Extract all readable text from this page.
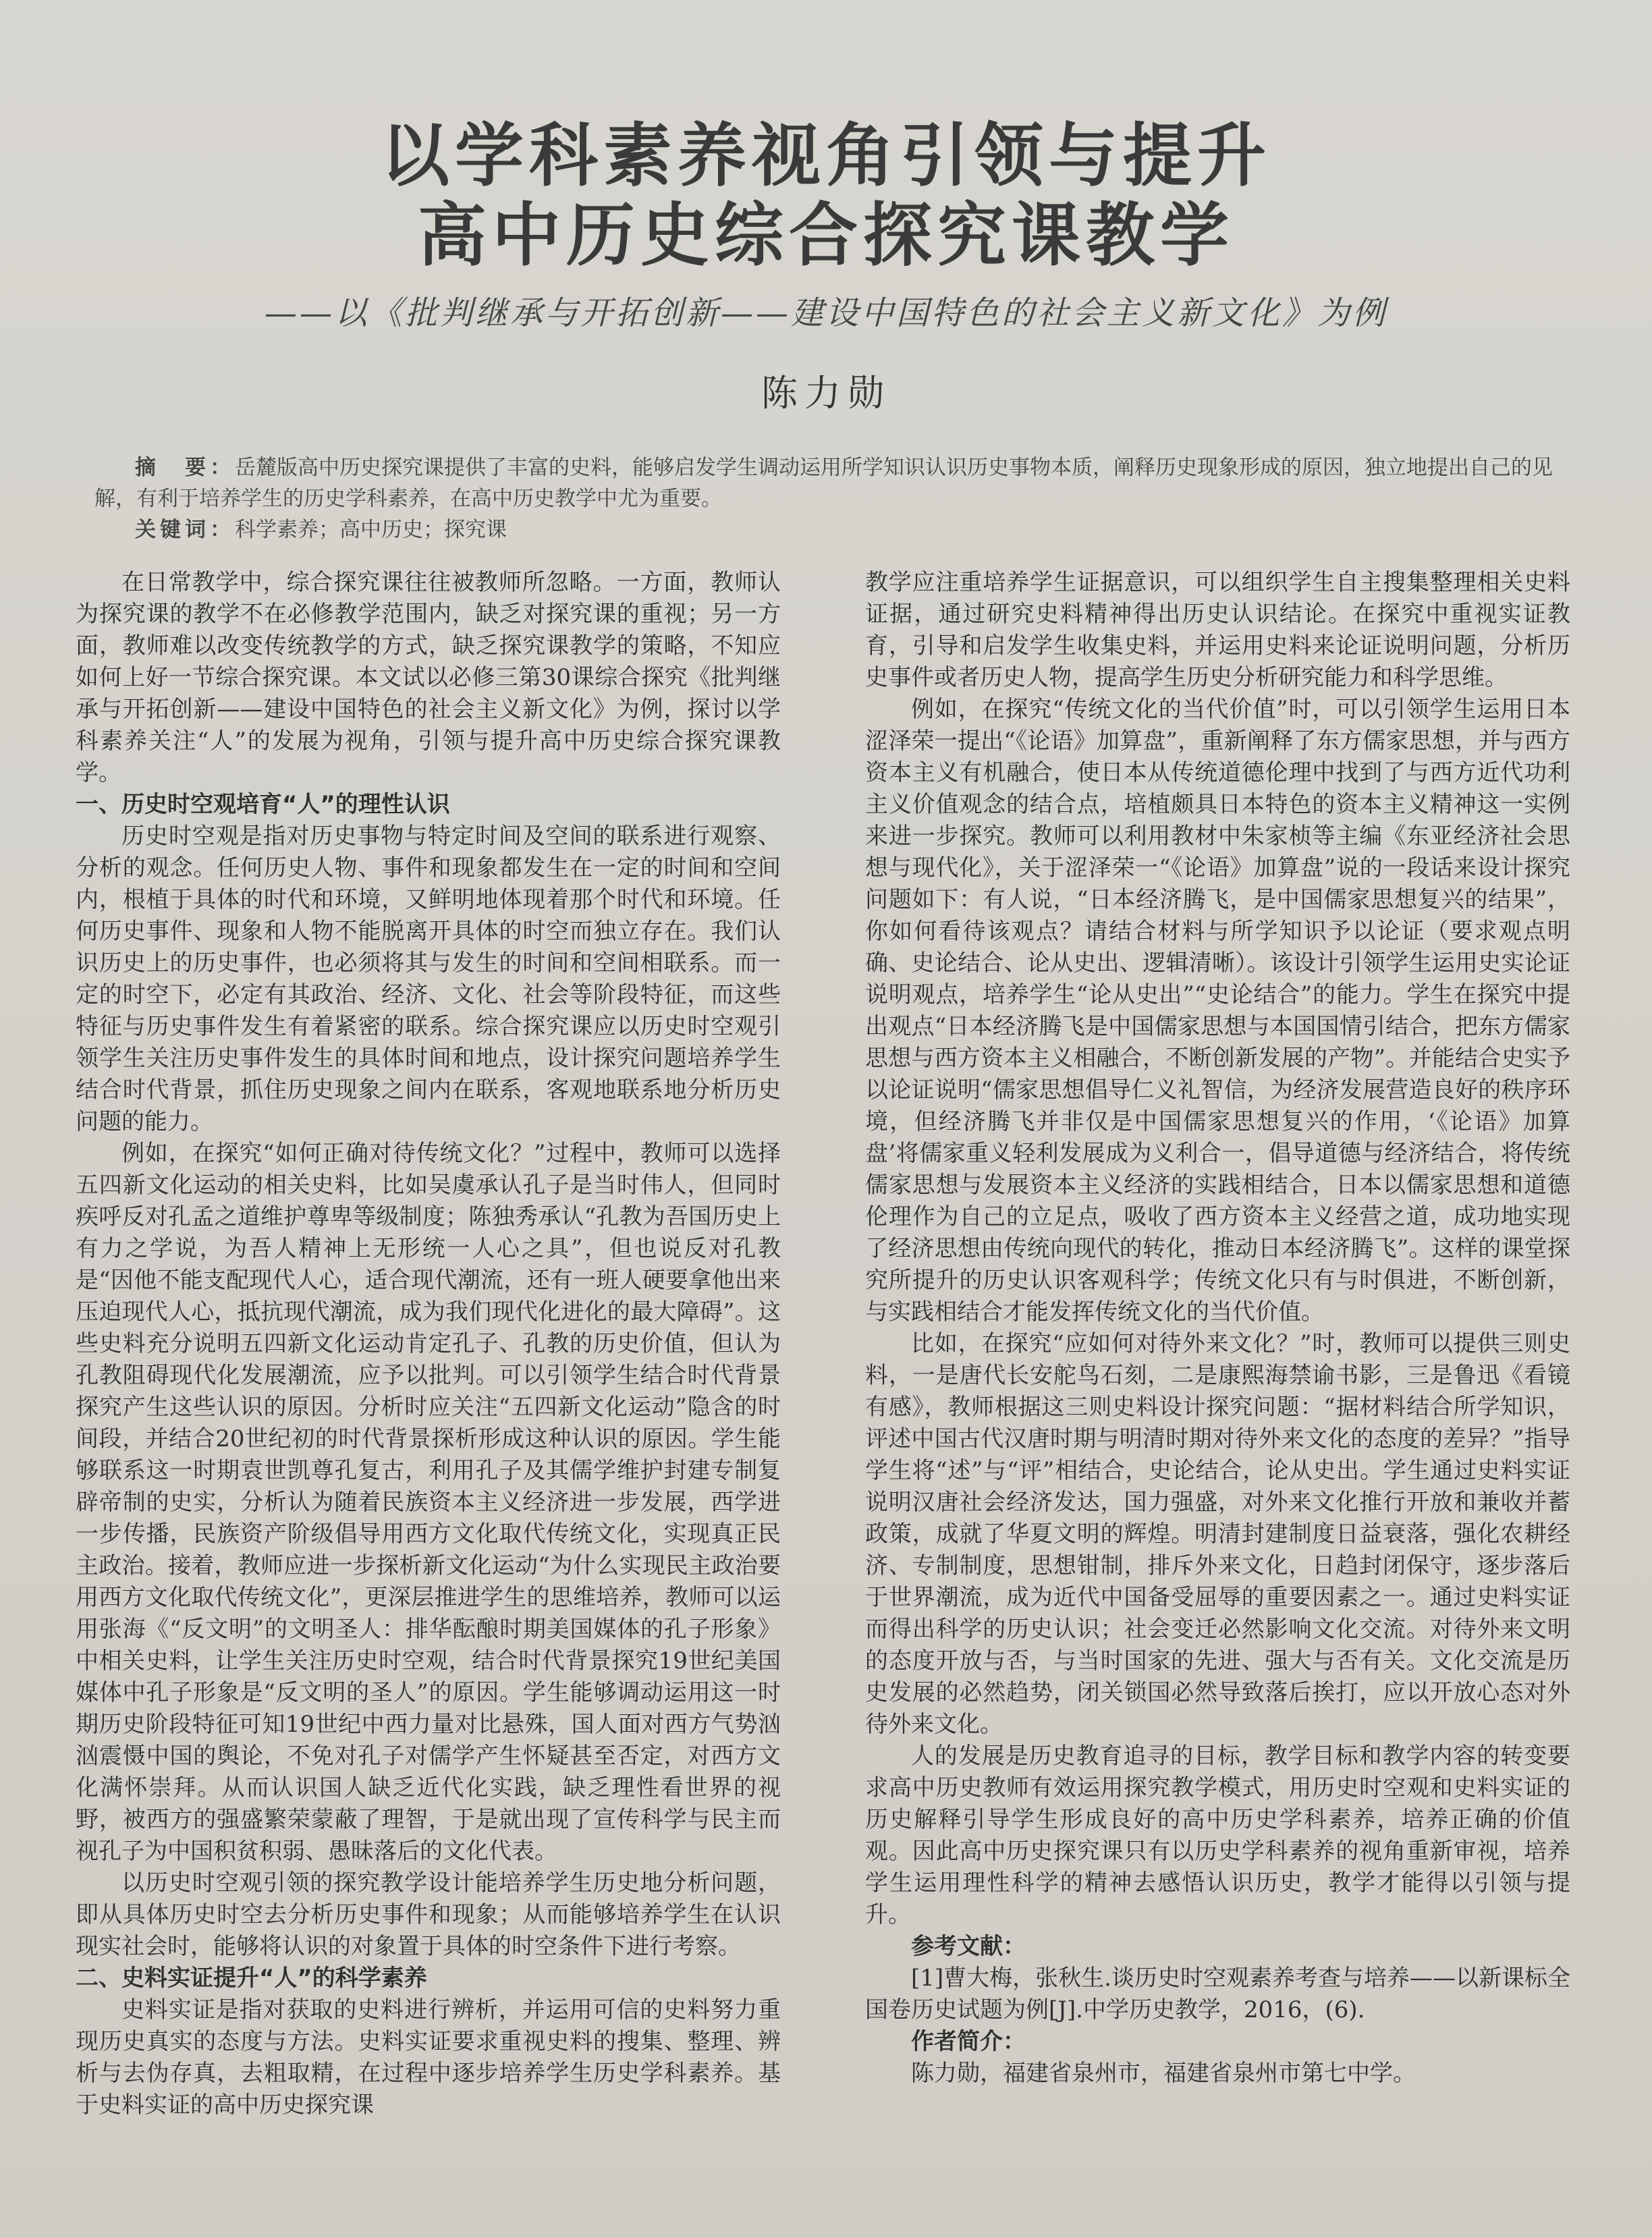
以学科素养视角引领与提升
高中历史综合探究课教学
——以《批判继承与开拓创新——建设中国特色的社会主义新文化》为例
陈力勋

摘　要：岳麓版高中历史探究课提供了丰富的史料，能够启发学生调动运用所学知识认识历史事物本质，阐释历史现象形成的原因，独立地提出自己的见解，有利于培养学生的历史学科素养，在高中历史教学中尤为重要。

关键词：科学素养；高中历史；探究课

在日常教学中，综合探究课往往被教师所忽略。一方面，教师认为探究课的教学不在必修教学范围内，缺乏对探究课的重视；另一方面，教师难以改变传统教学的方式，缺乏探究课教学的策略，不知应如何上好一节综合探究课。本文试以必修三第30课综合探究《批判继承与开拓创新——建设中国特色的社会主义新文化》为例，探讨以学科素养关注“人”的发展为视角，引领与提升高中历史综合探究课教学。

一、历史时空观培育“人”的理性认识

历史时空观是指对历史事物与特定时间及空间的联系进行观察、分析的观念。任何历史人物、事件和现象都发生在一定的时间和空间内，根植于具体的时代和环境，又鲜明地体现着那个时代和环境。任何历史事件、现象和人物不能脱离开具体的时空而独立存在。我们认识历史上的历史事件，也必须将其与发生的时间和空间相联系。而一定的时空下，必定有其政治、经济、文化、社会等阶段特征，而这些特征与历史事件发生有着紧密的联系。综合探究课应以历史时空观引领学生关注历史事件发生的具体时间和地点，设计探究问题培养学生结合时代背景，抓住历史现象之间内在联系，客观地联系地分析历史问题的能力。

例如，在探究“如何正确对待传统文化？”过程中，教师可以选择五四新文化运动的相关史料，比如吴虞承认孔子是当时伟人，但同时疾呼反对孔孟之道维护尊卑等级制度；陈独秀承认“孔教为吾国历史上有力之学说，为吾人精神上无形统一人心之具”，但也说反对孔教是“因他不能支配现代人心，适合现代潮流，还有一班人硬要拿他出来压迫现代人心，抵抗现代潮流，成为我们现代化进化的最大障碍”。这些史料充分说明五四新文化运动肯定孔子、孔教的历史价值，但认为孔教阻碍现代化发展潮流，应予以批判。可以引领学生结合时代背景探究产生这些认识的原因。分析时应关注“五四新文化运动”隐含的时间段，并结合20世纪初的时代背景探析形成这种认识的原因。学生能够联系这一时期袁世凯尊孔复古，利用孔子及其儒学维护封建专制复辟帝制的史实，分析认为随着民族资本主义经济进一步发展，西学进一步传播，民族资产阶级倡导用西方文化取代传统文化，实现真正民主政治。接着，教师应进一步探析新文化运动“为什么实现民主政治要用西方文化取代传统文化”，更深层推进学生的思维培养，教师可以运用张海《“反文明”的文明圣人：排华酝酿时期美国媒体的孔子形象》中相关史料，让学生关注历史时空观，结合时代背景探究19世纪美国媒体中孔子形象是“反文明的圣人”的原因。学生能够调动运用这一时期历史阶段特征可知19世纪中西力量对比悬殊，国人面对西方气势汹汹震慑中国的舆论，不免对孔子对儒学产生怀疑甚至否定，对西方文化满怀崇拜。从而认识国人缺乏近代化实践，缺乏理性看世界的视野，被西方的强盛繁荣蒙蔽了理智，于是就出现了宣传科学与民主而视孔子为中国积贫积弱、愚昧落后的文化代表。

以历史时空观引领的探究教学设计能培养学生历史地分析问题，即从具体历史时空去分析历史事件和现象；从而能够培养学生在认识现实社会时，能够将认识的对象置于具体的时空条件下进行考察。

二、史料实证提升“人”的科学素养

史料实证是指对获取的史料进行辨析，并运用可信的史料努力重现历史真实的态度与方法。史料实证要求重视史料的搜集、整理、辨析与去伪存真，去粗取精，在过程中逐步培养学生历史学科素养。基于史料实证的高中历史探究课

教学应注重培养学生证据意识，可以组织学生自主搜集整理相关史料证据，通过研究史料精神得出历史认识结论。在探究中重视实证教育，引导和启发学生收集史料，并运用史料来论证说明问题，分析历史事件或者历史人物，提高学生历史分析研究能力和科学思维。

例如，在探究“传统文化的当代价值”时，可以引领学生运用日本涩泽荣一提出“《论语》加算盘”，重新阐释了东方儒家思想，并与西方资本主义有机融合，使日本从传统道德伦理中找到了与西方近代功利主义价值观念的结合点，培植颇具日本特色的资本主义精神这一实例来进一步探究。教师可以利用教材中朱家桢等主编《东亚经济社会思想与现代化》，关于涩泽荣一“《论语》加算盘”说的一段话来设计探究问题如下：有人说，“日本经济腾飞，是中国儒家思想复兴的结果”，你如何看待该观点？请结合材料与所学知识予以论证（要求观点明确、史论结合、论从史出、逻辑清晰）。该设计引领学生运用史实论证说明观点，培养学生“论从史出”“史论结合”的能力。学生在探究中提出观点“日本经济腾飞是中国儒家思想与本国国情引结合，把东方儒家思想与西方资本主义相融合，不断创新发展的产物”。并能结合史实予以论证说明“儒家思想倡导仁义礼智信，为经济发展营造良好的秩序环境，但经济腾飞并非仅是中国儒家思想复兴的作用，‘《论语》加算盘’将儒家重义轻利发展成为义利合一，倡导道德与经济结合，将传统儒家思想与发展资本主义经济的实践相结合，日本以儒家思想和道德伦理作为自己的立足点，吸收了西方资本主义经营之道，成功地实现了经济思想由传统向现代的转化，推动日本经济腾飞”。这样的课堂探究所提升的历史认识客观科学；传统文化只有与时俱进，不断创新，与实践相结合才能发挥传统文化的当代价值。

比如，在探究“应如何对待外来文化？”时，教师可以提供三则史料，一是唐代长安舵鸟石刻，二是康熙海禁谕书影，三是鲁迅《看镜有感》，教师根据这三则史料设计探究问题：“据材料结合所学知识，评述中国古代汉唐时期与明清时期对待外来文化的态度的差异？”指导学生将“述”与“评”相结合，史论结合，论从史出。学生通过史料实证说明汉唐社会经济发达，国力强盛，对外来文化推行开放和兼收并蓄政策，成就了华夏文明的辉煌。明清封建制度日益衰落，强化农耕经济、专制制度，思想钳制，排斥外来文化，日趋封闭保守，逐步落后于世界潮流，成为近代中国备受屈辱的重要因素之一。通过史料实证而得出科学的历史认识；社会变迁必然影响文化交流。对待外来文明的态度开放与否，与当时国家的先进、强大与否有关。文化交流是历史发展的必然趋势，闭关锁国必然导致落后挨打，应以开放心态对外待外来文化。

人的发展是历史教育追寻的目标，教学目标和教学内容的转变要求高中历史教师有效运用探究教学模式，用历史时空观和史料实证的历史解释引导学生形成良好的高中历史学科素养，培养正确的价值观。因此高中历史探究课只有以历史学科素养的视角重新审视，培养学生运用理性科学的精神去感悟认识历史，教学才能得以引领与提升。

参考文献：

[1]曹大梅，张秋生.谈历史时空观素养考查与培养——以新课标全国卷历史试题为例[J].中学历史教学，2016，(6).

作者简介：

陈力勋，福建省泉州市，福建省泉州市第七中学。
